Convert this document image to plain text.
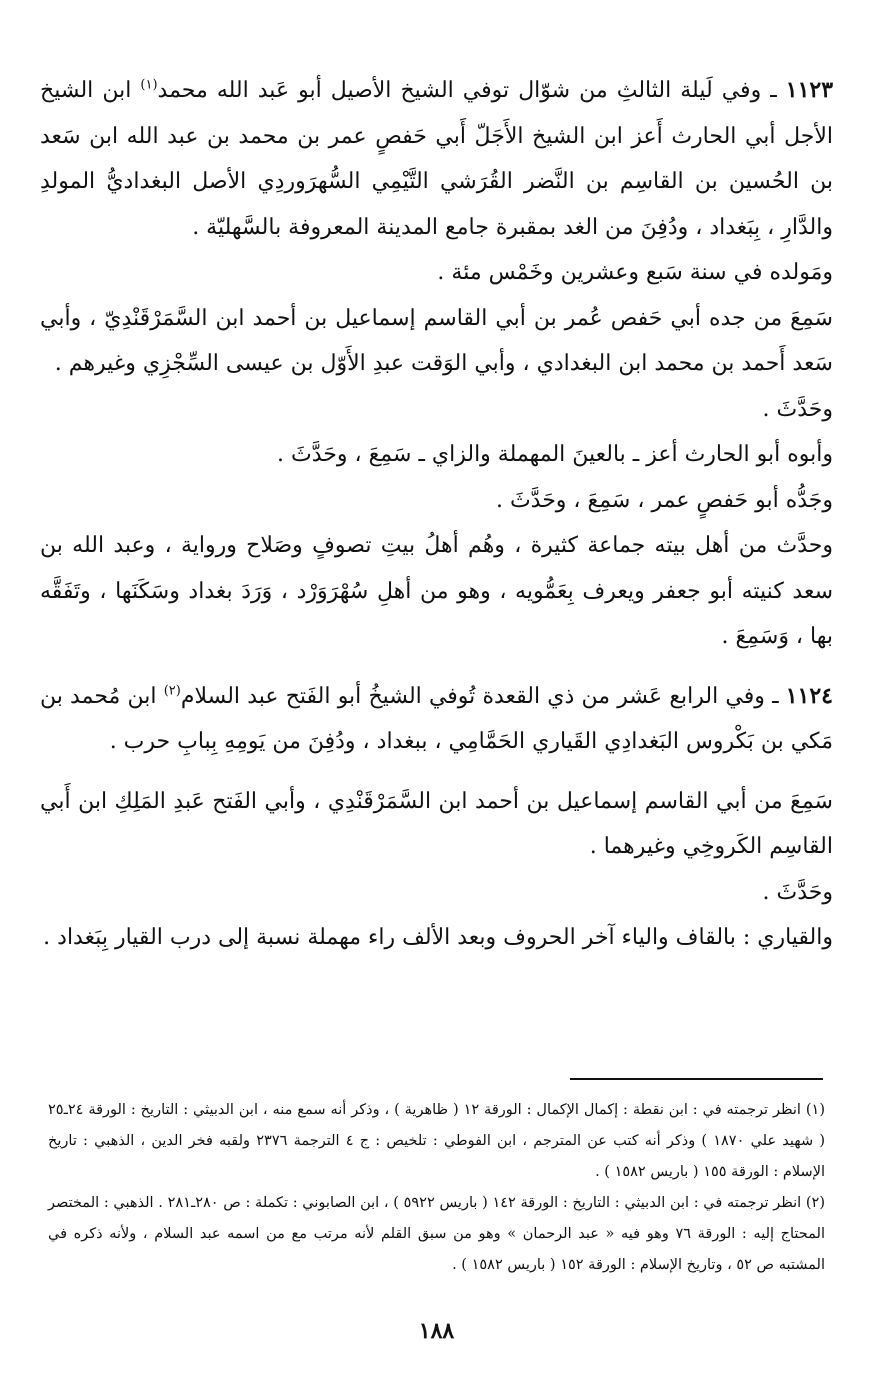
١١٢٣ ـ وفي لَيلة الثالثِ من شوّال توفي الشيخ الأصيل أبو عَبد الله محمد$^{(١)}$ ابن الشيخ الأجل أبي الحارث أَعز ابن الشيخ الأَجَلّ أَبي حَفصٍ عمر بن محمد بن عبد الله ابن سَعد بن الحُسين بن القاسِم بن النَّضر القُرَشي التَّيْمِي السُّهرَوردِي الأصل البغداديُّ المولدِ والدَّارِ ، بِبَغداد ، ودُفِنَ من الغد بمقبرة جامع المدينة المعروفة بالسَّهليّة .

ومَولده في سنة سَبع وعشرين وخَمْس مئة .

سَمِعَ من جده أبي حَفص عُمر بن أبي القاسم إسماعيل بن أحمد ابن السَّمَرْقَنْدِيّ ، وأبي سَعد أَحمد بن محمد ابن البغدادي ، وأبي الوَقت عبدِ الأَوّل بن عيسى السِّجْزِي وغيرهم .

وحَدَّثَ .

وأبوه أبو الحارث أعز ـ بالعينَ المهملة والزاي ـ سَمِعَ ، وحَدَّثَ .

وجَدُّه أبو حَفصٍ عمر ، سَمِعَ ، وحَدَّثَ .

وحدَّث من أهل بيته جماعة كثيرة ، وهُم أهلُ بيتِ تصوفٍ وصَلاح ورواية ، وعبد الله بن سعد كنيته أبو جعفر ويعرف بِعَمُّويه ، وهو من أهلِ سُهْرَوَرْد ، وَرَدَ بغداد وسَكَنَها ، وتَفَقَّه بها ، وَسَمِعَ .

١١٢٤ ـ وفي الرابع عَشر من ذي القعدة تُوفي الشيخُ أبو الفَتح عبد السلام$^{(٢)}$ ابن مُحمد بن مَكي بن بَكْروس البَغدادِي القَياري الحَمَّامِي ، ببغداد ، ودُفِنَ من يَومِهِ بِبابِ حرب .

سَمِعَ من أبي القاسم إسماعيل بن أحمد ابن السَّمَرْقَنْدِي ، وأبي الفَتح عَبدِ المَلِكِ ابن أَبي القاسِم الكَروخِي وغيرهما .

وحَدَّثَ .

والقياري : بالقاف والياء آخر الحروف وبعد الألف راء مهملة نسبة إلى درب القيار بِبَغداد .

(١) انظر ترجمته في : ابن نقطة : إكمال الإكمال : الورقة ١٢ ( ظاهرية ) ، وذكر أنه سمع منه ، ابن الدبيثي : التاريخ : الورقة ٢٤ـ٢٥ ( شهيد علي ١٨٧٠ ) وذكر أنه كتب عن المترجم ، ابن الفوطي : تلخيص : ج ٤ الترجمة ٢٣٧٦ ولقبه فخر الدين ، الذهبي : تاريخ الإسلام : الورقة ١٥٥ ( باريس ١٥٨٢ ) .

(٢) انظر ترجمته في : ابن الدبيثي : التاريخ : الورقة ١٤٢ ( باريس ٥٩٢٢ ) ، ابن الصابوني : تكملة : ص ٢٨٠ـ٢٨١ . الذهبي : المختصر المحتاج إليه : الورقة ٧٦ وهو فيه « عبد الرحمان » وهو من سبق القلم لأنه مرتب مع من اسمه عبد السلام ، ولأنه ذكره في المشتبه ص ٥٢ ، وتاريخ الإسلام : الورقة ١٥٢ ( باريس ١٥٨٢ ) .

١٨٨
